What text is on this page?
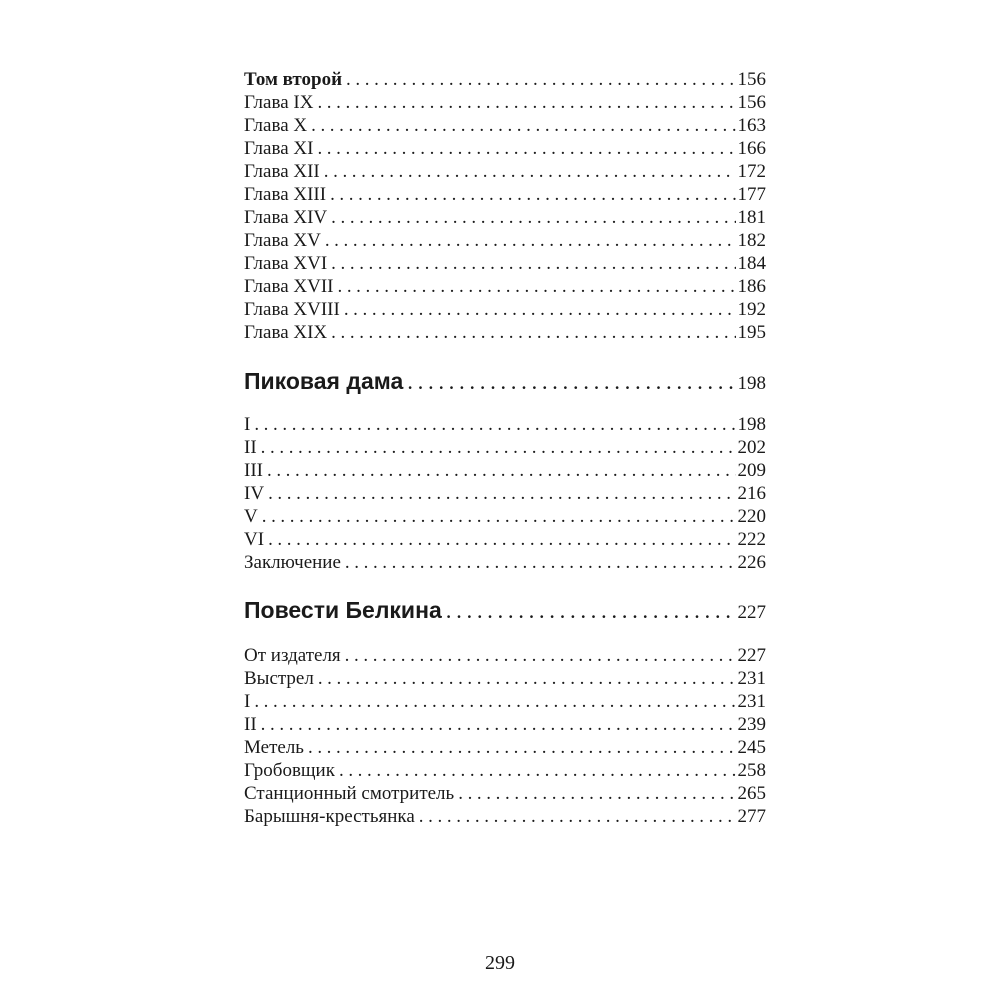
Том второй .....	156
Глава IX .....	156
Глава X .....	163
Глава XI .....	166
Глава XII .....	172
Глава XIII .....	177
Глава XIV .....	181
Глава XV .....	182
Глава XVI .....	184
Глава XVII .....	186
Глава XVIII .....	192
Глава XIX .....	195
Пиковая дама .....	198
I .....	198
II .....	202
III .....	209
IV .....	216
V .....	220
VI .....	222
Заключение .....	226
Повести Белкина .....	227
От издателя .....	227
Выстрел .....	231
I .....	231
II .....	239
Метель .....	245
Гробовщик .....	258
Станционный смотритель .....	265
Барышня-крестьянка .....	277
299
